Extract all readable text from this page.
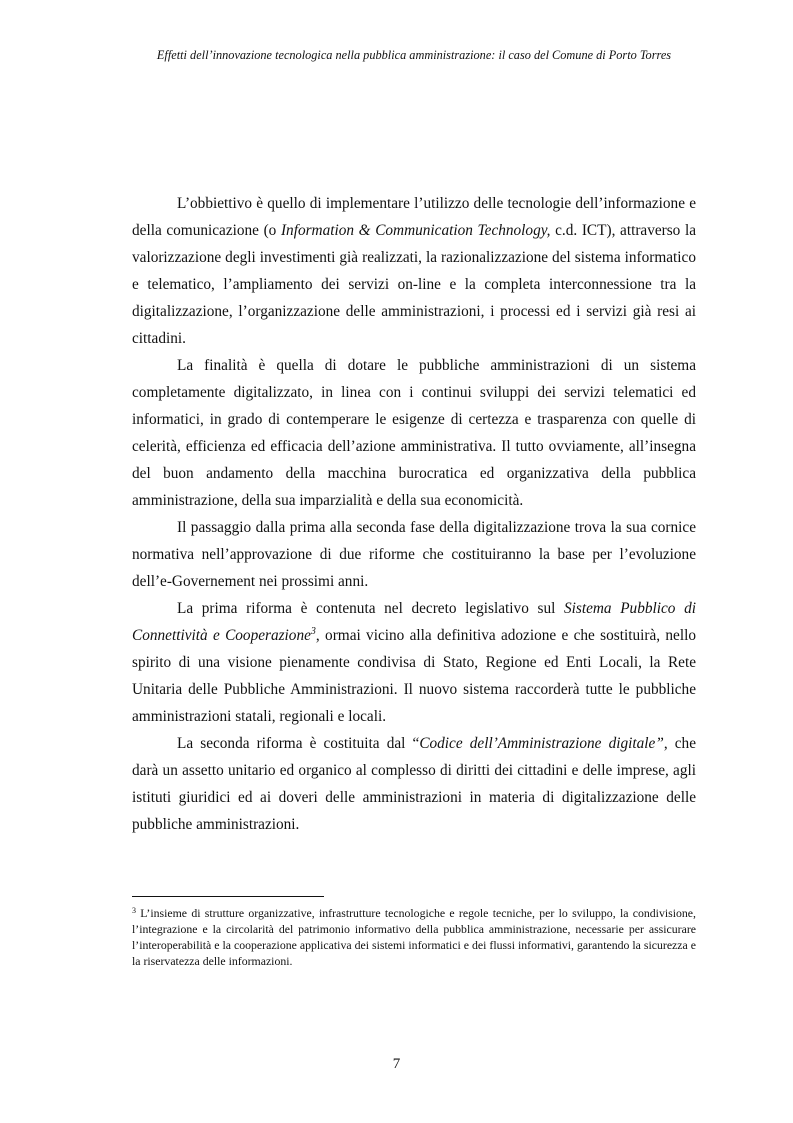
Effetti dell’innovazione tecnologica nella pubblica amministrazione: il caso del Comune di Porto Torres

L’obbiettivo è quello di implementare l’utilizzo delle tecnologie dell’informazione e della comunicazione (o Information & Communication Technology, c.d. ICT), attraverso la valorizzazione degli investimenti già realizzati, la razionalizzazione del sistema informatico e telematico, l’ampliamento dei servizi on-line e la completa interconnessione tra la digitalizzazione, l’organizzazione delle amministrazioni, i processi ed i servizi già resi ai cittadini.

La finalità è quella di dotare le pubbliche amministrazioni di un sistema completamente digitalizzato, in linea con i continui sviluppi dei servizi telematici ed informatici, in grado di contemperare le esigenze di certezza e trasparenza con quelle di celerità, efficienza ed efficacia dell’azione amministrativa. Il tutto ovviamente, all’insegna del buon andamento della macchina burocratica ed organizzativa della pubblica amministrazione, della sua imparzialità e della sua economicità.

Il passaggio dalla prima alla seconda fase della digitalizzazione trova la sua cornice normativa nell’approvazione di due riforme che costituiranno la base per l’evoluzione dell’e-Governement nei prossimi anni.

La prima riforma è contenuta nel decreto legislativo sul Sistema Pubblico di Connettività e Cooperazione$^3$, ormai vicino alla definitiva adozione e che sostituirà, nello spirito di una visione pienamente condivisa di Stato, Regione ed Enti Locali, la Rete Unitaria delle Pubbliche Amministrazioni. Il nuovo sistema raccorderà tutte le pubbliche amministrazioni statali, regionali e locali.

La seconda riforma è costituita dal “Codice dell’Amministrazione digitale”, che darà un assetto unitario ed organico al complesso di diritti dei cittadini e delle imprese, agli istituti giuridici ed ai doveri delle amministrazioni in materia di digitalizzazione delle pubbliche amministrazioni.

$^3$ L’insieme di strutture organizzative, infrastrutture tecnologiche e regole tecniche, per lo sviluppo, la condivisione, l’integrazione e la circolarità del patrimonio informativo della pubblica amministrazione, necessarie per assicurare l’interoperabilità e la cooperazione applicativa dei sistemi informatici e dei flussi informativi, garantendo la sicurezza e la riservatezza delle informazioni.
7
